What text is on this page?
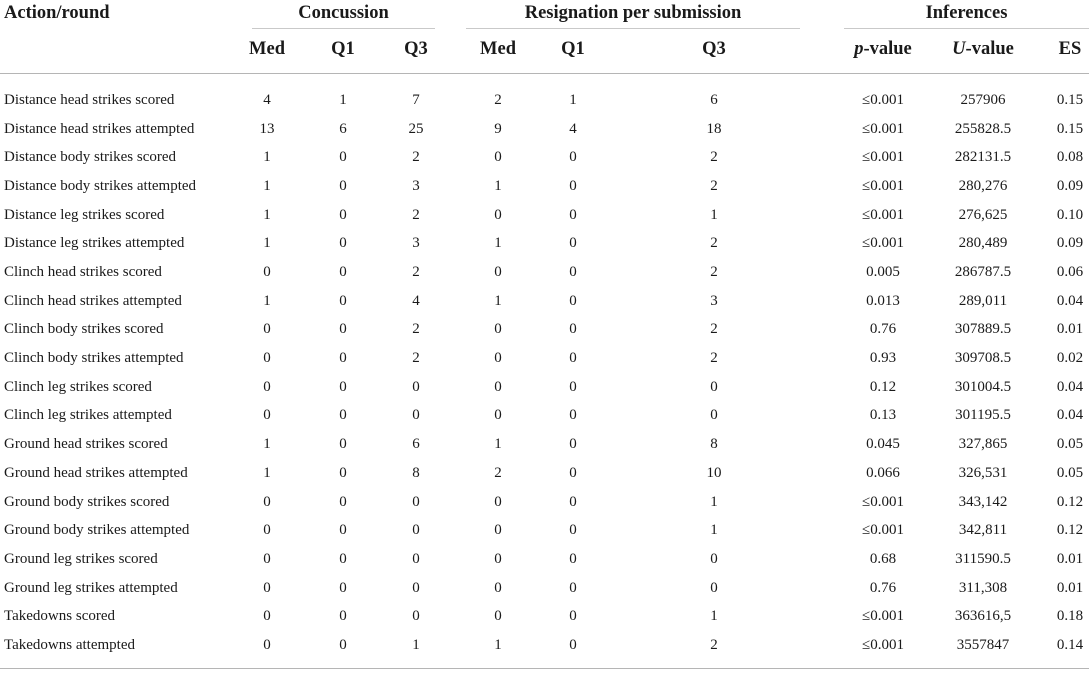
Action/round	Concussion	Resignation per submission	Inferences
Med	Q1	Q3	Med	Q1	Q3	p-value	U-value	ES
Distance head strikes scored	4	1	7	2	1	6	≤0.001	257906	0.15
Distance head strikes attempted	13	6	25	9	4	18	≤0.001	255828.5	0.15
Distance body strikes scored	1	0	2	0	0	2	≤0.001	282131.5	0.08
Distance body strikes attempted	1	0	3	1	0	2	≤0.001	280,276	0.09
Distance leg strikes scored	1	0	2	0	0	1	≤0.001	276,625	0.10
Distance leg strikes attempted	1	0	3	1	0	2	≤0.001	280,489	0.09
Clinch head strikes scored	0	0	2	0	0	2	0.005	286787.5	0.06
Clinch head strikes attempted	1	0	4	1	0	3	0.013	289,011	0.04
Clinch body strikes scored	0	0	2	0	0	2	0.76	307889.5	0.01
Clinch body strikes attempted	0	0	2	0	0	2	0.93	309708.5	0.02
Clinch leg strikes scored	0	0	0	0	0	0	0.12	301004.5	0.04
Clinch leg strikes attempted	0	0	0	0	0	0	0.13	301195.5	0.04
Ground head strikes scored	1	0	6	1	0	8	0.045	327,865	0.05
Ground head strikes attempted	1	0	8	2	0	10	0.066	326,531	0.05
Ground body strikes scored	0	0	0	0	0	1	≤0.001	343,142	0.12
Ground body strikes attempted	0	0	0	0	0	1	≤0.001	342,811	0.12
Ground leg strikes scored	0	0	0	0	0	0	0.68	311590.5	0.01
Ground leg strikes attempted	0	0	0	0	0	0	0.76	311,308	0.01
Takedowns scored	0	0	0	0	0	1	≤0.001	363616,5	0.18
Takedowns attempted	0	0	1	1	0	2	≤0.001	3557847	0.14
